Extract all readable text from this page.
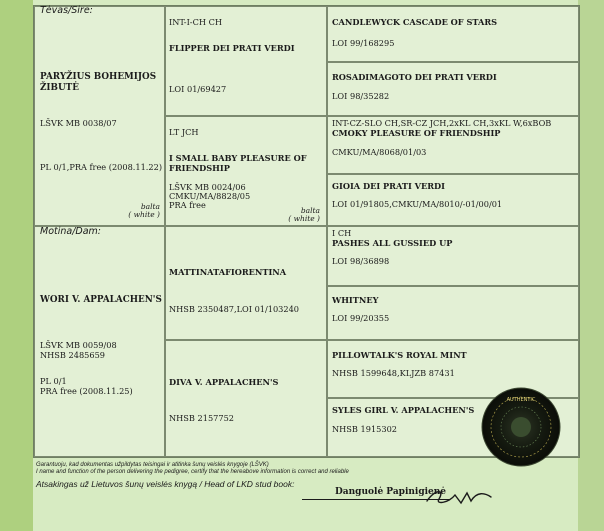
Tėvas/Sire:
Motina/Dam:
PARYŽIUS BOHEMIJOS
ŽIBUTĖ
LŠVK MB 0038/07
PL 0/1,PRA free (2008.11.22)
balta
( white )
WORI V. APPALACHEN'S
LŠVK MB 0059/08
NHSB 2485659
PL 0/1
PRA free (2008.11.25)
INT-I-CH CH
FLIPPER DEI PRATI VERDI
LOI 01/69427
LT JCH
I SMALL BABY PLEASURE OF
FRIENDSHIP
LŠVK MB 0024/06
CMKU/MA/8828/05
PRA free
balta
( white )
MATTINATAFIORENTINA
NHSB 2350487,LOI 01/103240
DIVA V. APPALACHEN'S
NHSB 2157752
CANDLEWYCK CASCADE OF STARS
LOI 99/168295
ROSADIMAGOTO DEI PRATI VERDI
LOI 98/35282
INT-CZ-SLO CH,SR-CZ JCH,2xKL CH,3xKL W,6xBOB
CMOKY PLEASURE OF FRIENDSHIP
CMKU/MA/8068/01/03
GIOIA DEI PRATI VERDI
LOI 01/91805,CMKU/MA/8010/-01/00/01
I CH
PASHES ALL GUSSIED UP
LOI 98/36898
WHITNEY
LOI 99/20355
PILLOWTALK'S ROYAL MINT
NHSB 1599648,KLJZB 87431
SYLES GIRL V. APPALACHEN'S
NHSB 1915302
AUTHENTIC
Garantuoju, kad dokumentas užpildytas teisingai ir atitinka šunų veislės knygoje (LŠVK)
I name and function of the person delivering the pedigree, certify that the hereabove information is correct and reliable
Atsakingas už Lietuvos šunų veislės knygą / Head of LKD stud book:
Danguolė Papinigienė
